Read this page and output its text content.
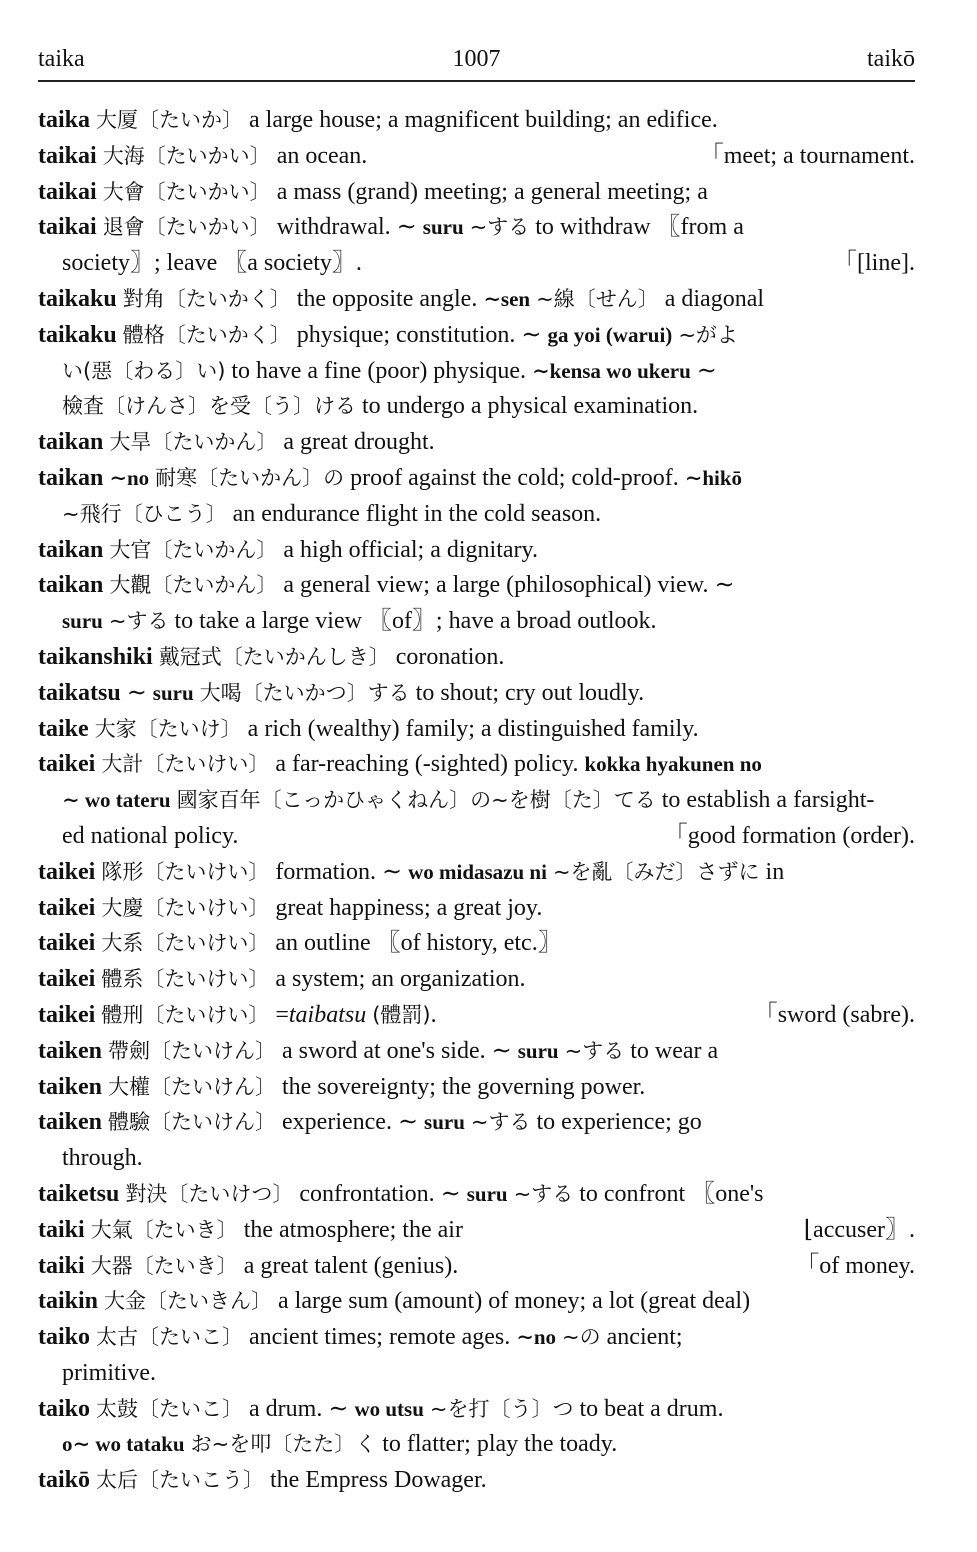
taika	1007	taikō
taika 大厦〔たいか〕 a large house; a magnificent building; an edifice.
taikai 大海〔たいかい〕 an ocean.	「meet; a tournament.
taikai 大會〔たいかい〕 a mass (grand) meeting; a general meeting; a
taikai 退會〔たいかい〕 withdrawal. ∼ suru ∼する to withdraw 〖from a
society〗; leave 〖a society〗.	「[line].
taikaku 對角〔たいかく〕 the opposite angle. ∼sen ∼線〔せん〕 a diagonal
taikaku 體格〔たいかく〕 physique; constitution. ∼ ga yoi (warui) ∼がよ
い(惡〔わる〕い) to have a fine (poor) physique. ∼kensa wo ukeru ∼
檢査〔けんさ〕を受〔う〕ける to undergo a physical examination.
taikan 大旱〔たいかん〕 a great drought.
taikan ∼no 耐寒〔たいかん〕の proof against the cold; cold-proof. ∼hikō
∼飛行〔ひこう〕 an endurance flight in the cold season.
taikan 大官〔たいかん〕 a high official; a dignitary.
taikan 大觀〔たいかん〕 a general view; a large (philosophical) view. ∼
suru ∼する to take a large view 〖of〗; have a broad outlook.
taikanshiki 戴冠式〔たいかんしき〕 coronation.
taikatsu ∼ suru 大喝〔たいかつ〕する to shout; cry out loudly.
taike 大家〔たいけ〕 a rich (wealthy) family; a distinguished family.
taikei 大計〔たいけい〕 a far-reaching (-sighted) policy. kokka hyakunen no
∼ wo tateru 國家百年〔こっかひゃくねん〕の∼を樹〔た〕てる to establish a farsight-
ed national policy.	「good formation (order).
taikei 隊形〔たいけい〕 formation. ∼ wo midasazu ni ∼を亂〔みだ〕さずに in
taikei 大慶〔たいけい〕 great happiness; a great joy.
taikei 大系〔たいけい〕 an outline 〖of history, etc.〗
taikei 體系〔たいけい〕 a system; an organization.
taikei 體刑〔たいけい〕 =taibatsu (體罰).	「sword (sabre).
taiken 帶劍〔たいけん〕 a sword at one's side. ∼ suru ∼する to wear a
taiken 大權〔たいけん〕 the sovereignty; the governing power.
taiken 體驗〔たいけん〕 experience. ∼ suru ∼する to experience; go
through.
taiketsu 對決〔たいけつ〕 confrontation. ∼ suru ∼する to confront 〖one's
taiki 大氣〔たいき〕 the atmosphere; the air	⌊accuser〗.
taiki 大器〔たいき〕 a great talent (genius).	「of money.
taikin 大金〔たいきん〕 a large sum (amount) of money; a lot (great deal)
taiko 太古〔たいこ〕 ancient times; remote ages. ∼no ∼の ancient;
primitive.
taiko 太鼓〔たいこ〕 a drum. ∼ wo utsu ∼を打〔う〕つ to beat a drum.
o∼ wo tataku お∼を叩〔たた〕く to flatter; play the toady.
taikō 太后〔たいこう〕 the Empress Dowager.
